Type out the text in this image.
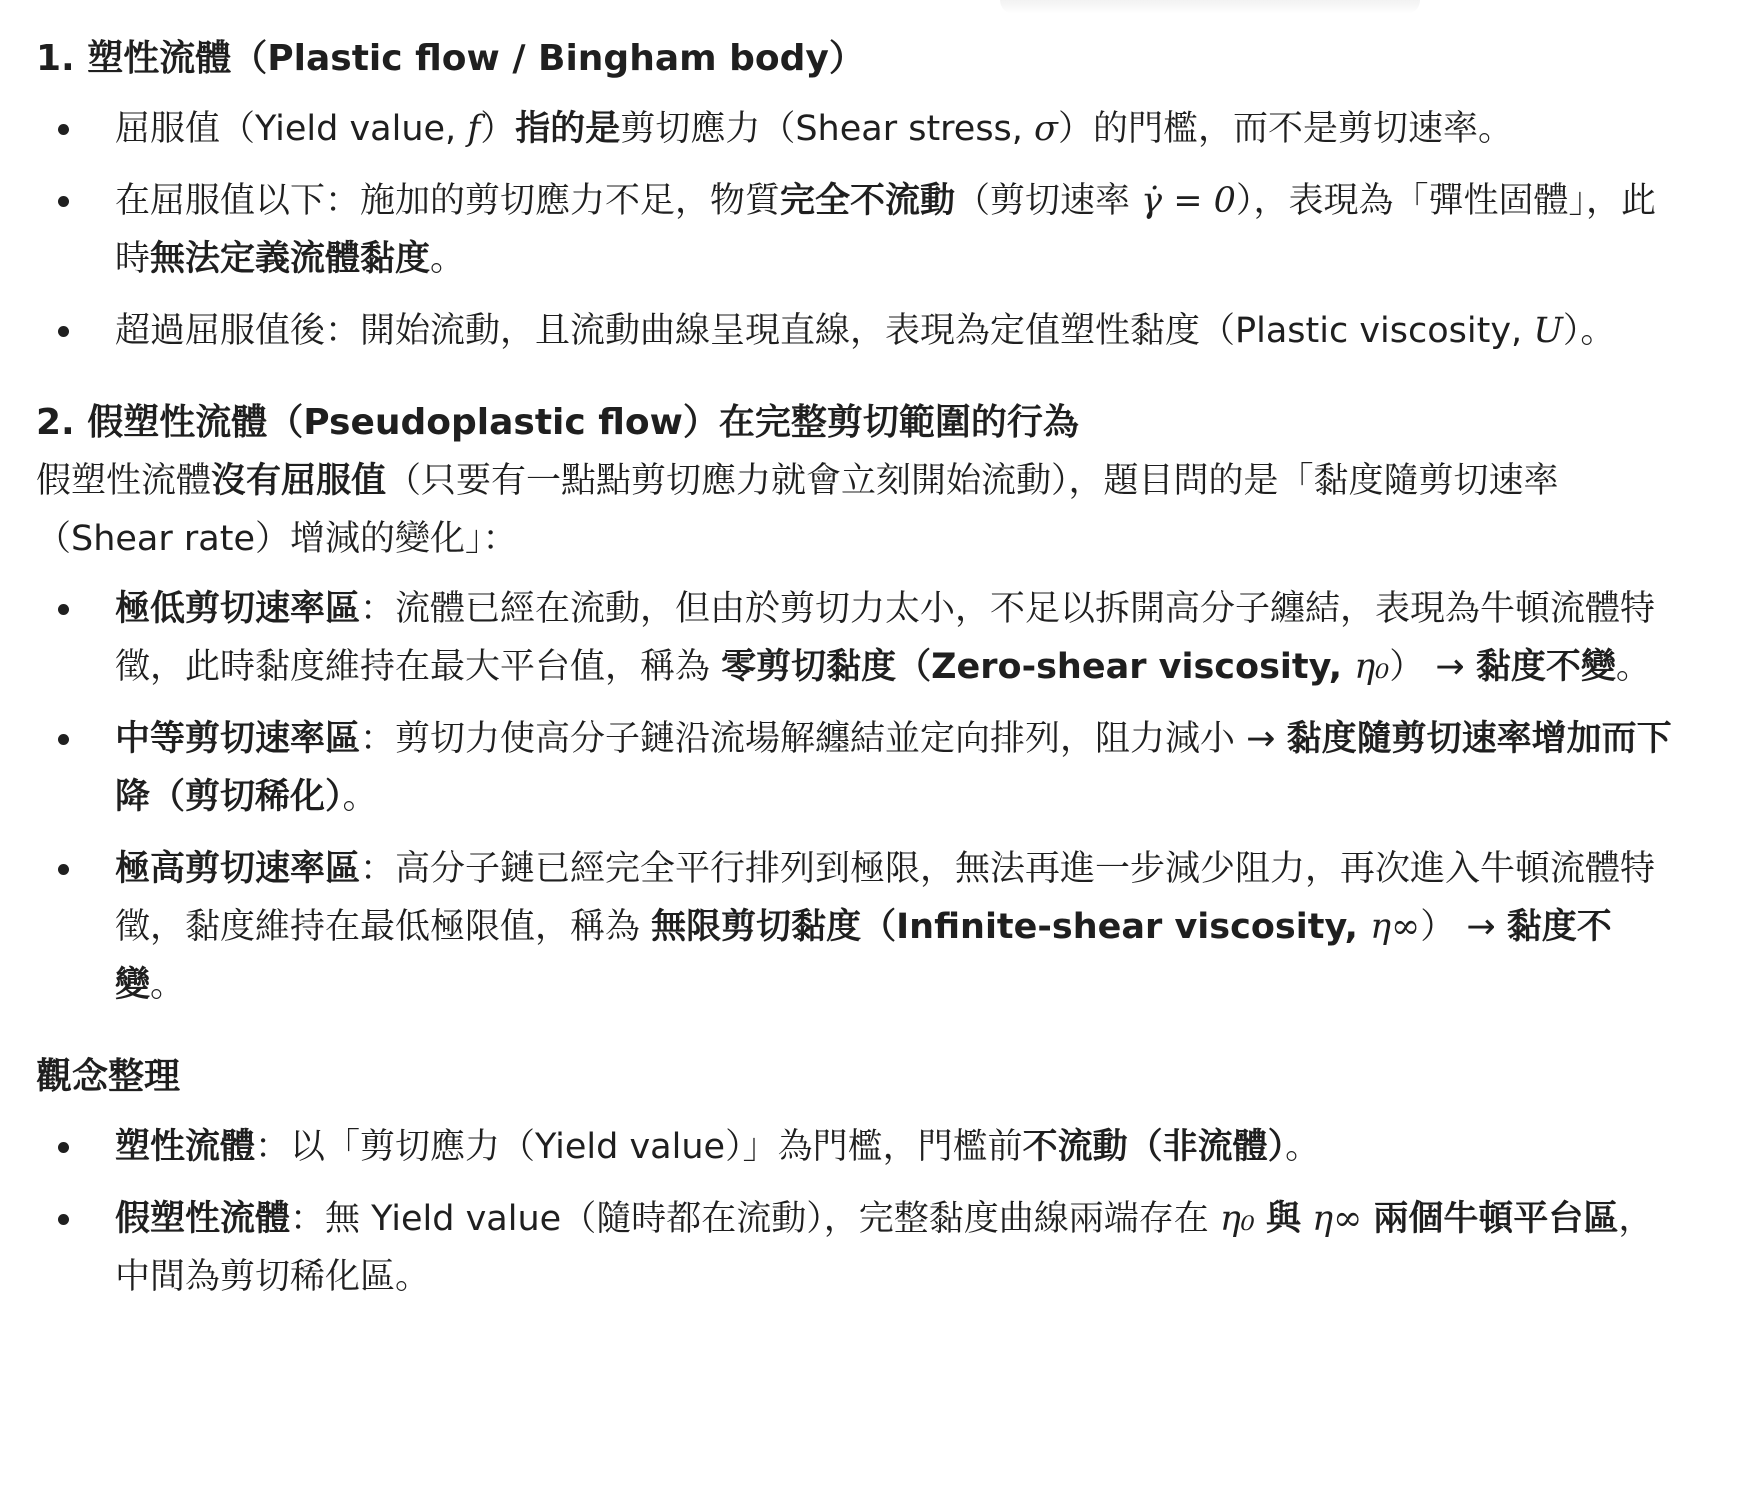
1. 塑性流體（Plastic flow / Bingham body）
屈服值（Yield value, f）指的是剪切應力（Shear stress, σ）的門檻，而不是剪切速率。
在屈服值以下：施加的剪切應力不足，物質完全不流動（剪切速率 γ̇ = 0），表現為「彈性固體」，此時無法定義流體黏度。
超過屈服值後：開始流動，且流動曲線呈現直線，表現為定值塑性黏度（Plastic viscosity, U）。
2. 假塑性流體（Pseudoplastic flow）在完整剪切範圍的行為

假塑性流體沒有屈服值（只要有一點點剪切應力就會立刻開始流動），題目問的是「黏度隨剪切速率（Shear rate）增減的變化」：

極低剪切速率區：流體已經在流動，但由於剪切力太小，不足以拆開高分子纏結，表現為牛頓流體特徵，此時黏度維持在最大平台值，稱為 零剪切黏度（Zero-shear viscosity, η₀） → 黏度不變。
中等剪切速率區：剪切力使高分子鏈沿流場解纏結並定向排列，阻力減小 → 黏度隨剪切速率增加而下降（剪切稀化）。
極高剪切速率區：高分子鏈已經完全平行排列到極限，無法再進一步減少阻力，再次進入牛頓流體特徵，黏度維持在最低極限值，稱為 無限剪切黏度（Infinite-shear viscosity, η∞） → 黏度不變。
觀念整理
塑性流體：以「剪切應力（Yield value）」為門檻，門檻前不流動（非流體）。
假塑性流體：無 Yield value（隨時都在流動），完整黏度曲線兩端存在 η₀ 與 η∞ 兩個牛頓平台區，中間為剪切稀化區。
